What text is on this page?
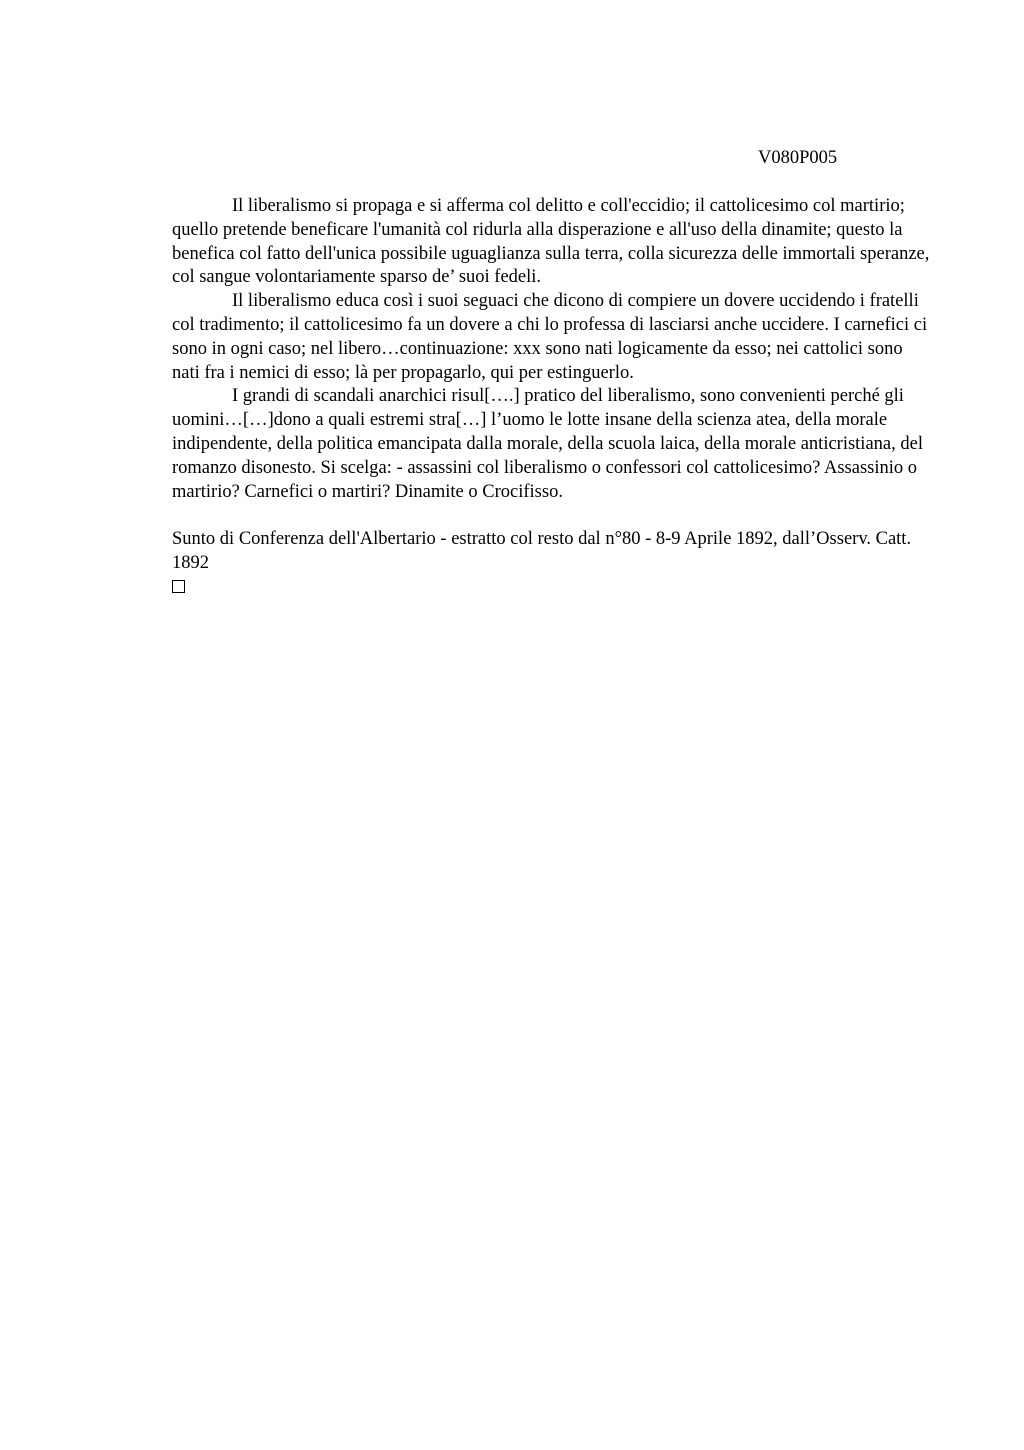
V080P005

Il liberalismo si propaga e si afferma col delitto e coll'eccidio; il cattolicesimo col martirio; quello pretende beneficare l'umanità col ridurla alla disperazione e all'uso della dinamite; questo la benefica col fatto dell'unica possibile uguaglianza sulla terra, colla sicurezza delle immortali speranze, col sangue volontariamente sparso de’ suoi fedeli.

Il liberalismo educa così i suoi seguaci che dicono di compiere un dovere uccidendo i fratelli col tradimento; il cattolicesimo fa un dovere a chi lo professa di lasciarsi anche uccidere. I carnefici ci sono in ogni caso; nel libero…continuazione: xxx sono nati logicamente da esso; nei cattolici sono nati fra i nemici di esso; là per propagarlo, qui per estinguerlo.

I grandi di scandali anarchici risul[….] pratico del liberalismo, sono convenienti perché gli uomini…[…]dono a quali estremi stra[…] l’uomo le lotte insane della scienza atea, della morale indipendente, della politica emancipata dalla morale, della scuola laica, della morale anticristiana, del romanzo disonesto. Si scelga: - assassini col liberalismo o confessori col cattolicesimo? Assassinio o martirio? Carnefici o martiri? Dinamite o Crocifisso.

Sunto di Conferenza dell'Albertario - estratto col resto dal n°80 - 8-9 Aprile 1892, dall’Osserv. Catt. 1892
